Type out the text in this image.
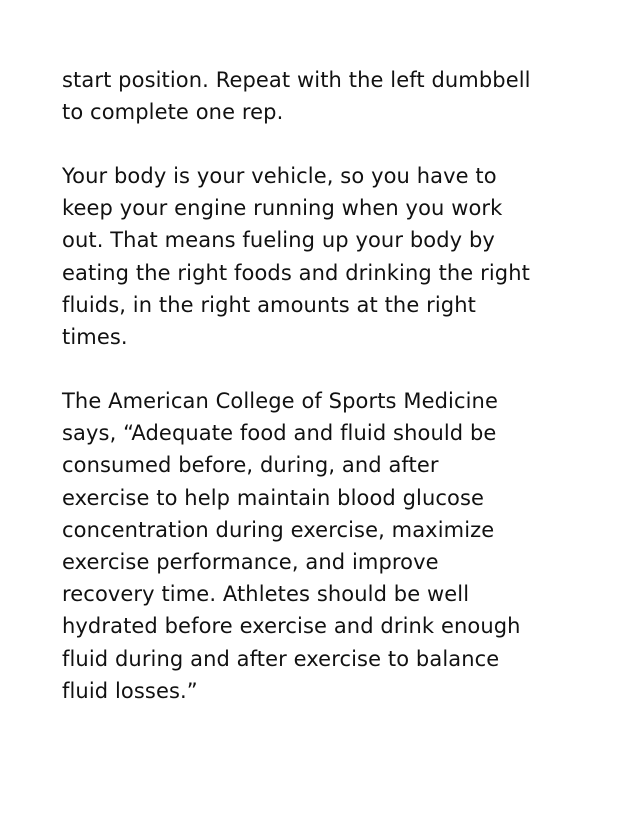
start position. Repeat with the left dumbbell
to complete one rep.

Your body is your vehicle, so you have to
keep your engine running when you work
out. That means fueling up your body by
eating the right foods and drinking the right
fluids, in the right amounts at the right
times.

The American College of Sports Medicine
says, “Adequate food and fluid should be
consumed before, during, and after
exercise to help maintain blood glucose
concentration during exercise, maximize
exercise performance, and improve
recovery time. Athletes should be well
hydrated before exercise and drink enough
fluid during and after exercise to balance
fluid losses.”
